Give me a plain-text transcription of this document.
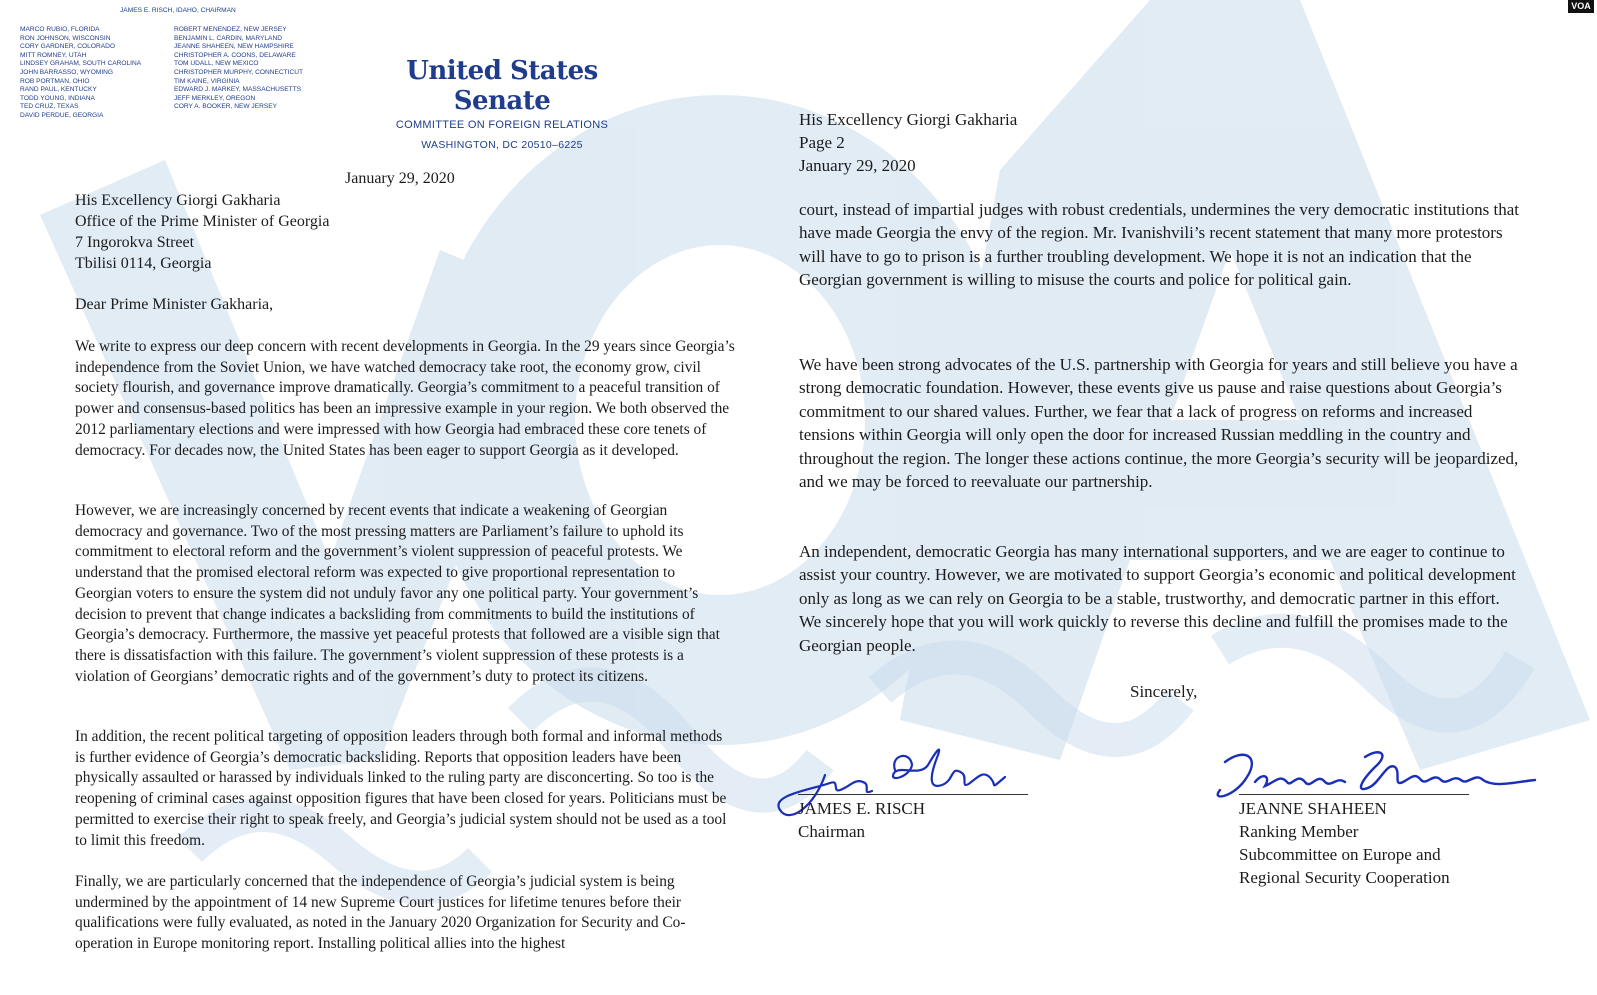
VOA
JAMES E. RISCH, IDAHO, CHAIRMAN
MARCO RUBIO, FLORIDA
RON JOHNSON, WISCONSIN
CORY GARDNER, COLORADO
MITT ROMNEY, UTAH
LINDSEY GRAHAM, SOUTH CAROLINA
JOHN BARRASSO, WYOMING
ROB PORTMAN, OHIO
RAND PAUL, KENTUCKY
TODD YOUNG, INDIANA
TED CRUZ, TEXAS
DAVID PERDUE, GEORGIA
ROBERT MENENDEZ, NEW JERSEY
BENJAMIN L. CARDIN, MARYLAND
JEANNE SHAHEEN, NEW HAMPSHIRE
CHRISTOPHER A. COONS, DELAWARE
TOM UDALL, NEW MEXICO
CHRISTOPHER MURPHY, CONNECTICUT
TIM KAINE, VIRGINIA
EDWARD J. MARKEY, MASSACHUSETTS
JEFF MERKLEY, OREGON
CORY A. BOOKER, NEW JERSEY
United States Senate
COMMITTEE ON FOREIGN RELATIONS
WASHINGTON, DC 20510–6225
January 29, 2020
His Excellency Giorgi Gakharia
Office of the Prime Minister of Georgia
7 Ingorokva Street
Tbilisi 0114, Georgia
Dear Prime Minister Gakharia,

We write to express our deep concern with recent developments in Georgia. In the 29 years since Georgia’s independence from the Soviet Union, we have watched democracy take root, the economy grow, civil society flourish, and governance improve dramatically. Georgia’s commitment to a peaceful transition of power and consensus-based politics has been an impressive example in your region. We both observed the 2012 parliamentary elections and were impressed with how Georgia had embraced these core tenets of democracy. For decades now, the United States has been eager to support Georgia as it developed.

However, we are increasingly concerned by recent events that indicate a weakening of Georgian democracy and governance. Two of the most pressing matters are Parliament’s failure to uphold its commitment to electoral reform and the government’s violent suppression of peaceful protests. We understand that the promised electoral reform was expected to give proportional representation to Georgian voters to ensure the system did not unduly favor any one political party. Your government’s decision to prevent that change indicates a backsliding from commitments to build the institutions of Georgia’s democracy. Furthermore, the massive yet peaceful protests that followed are a visible sign that there is dissatisfaction with this failure. The government’s violent suppression of these protests is a violation of Georgians’ democratic rights and of the government’s duty to protect its citizens.

In addition, the recent political targeting of opposition leaders through both formal and informal methods is further evidence of Georgia’s democratic backsliding. Reports that opposition leaders have been physically assaulted or harassed by individuals linked to the ruling party are disconcerting. So too is the reopening of criminal cases against opposition figures that have been closed for years. Politicians must be permitted to exercise their right to speak freely, and Georgia’s judicial system should not be used as a tool to limit this freedom.

Finally, we are particularly concerned that the independence of Georgia’s judicial system is being undermined by the appointment of 14 new Supreme Court justices for lifetime tenures before their qualifications were fully evaluated, as noted in the January 2020 Organization for Security and Co-operation in Europe monitoring report. Installing political allies into the highest

His Excellency Giorgi Gakharia
Page 2
January 29, 2020

court, instead of impartial judges with robust credentials, undermines the very democratic institutions that have made Georgia the envy of the region. Mr. Ivanishvili’s recent statement that many more protestors will have to go to prison is a further troubling development. We hope it is not an indication that the Georgian government is willing to misuse the courts and police for political gain.

We have been strong advocates of the U.S. partnership with Georgia for years and still believe you have a strong democratic foundation. However, these events give us pause and raise questions about Georgia’s commitment to our shared values. Further, we fear that a lack of progress on reforms and increased tensions within Georgia will only open the door for increased Russian meddling in the country and throughout the region. The longer these actions continue, the more Georgia’s security will be jeopardized, and we may be forced to reevaluate our partnership.

An independent, democratic Georgia has many international supporters, and we are eager to continue to assist your country. However, we are motivated to support Georgia’s economic and political development only as long as we can rely on Georgia to be a stable, trustworthy, and democratic partner in this effort. We sincerely hope that you will work quickly to reverse this decline and fulfill the promises made to the Georgian people.

Sincerely,
JAMES E. RISCH
Chairman
JEANNE SHAHEEN
Ranking Member
Subcommittee on Europe and
Regional Security Cooperation
